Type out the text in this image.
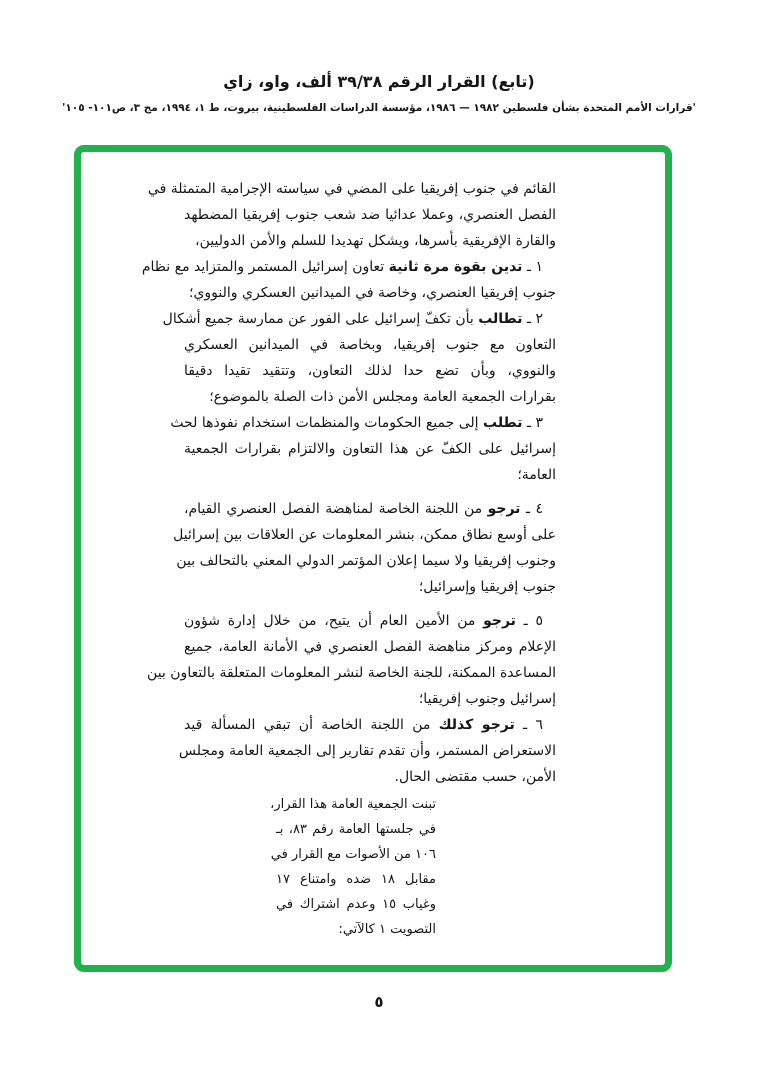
(تابع) القرار الرقم ٣٩/٣٨ ألف، واو، زاي
'قرارات الأمم المتحدة بشأن فلسطين ١٩٨٢ — ١٩٨٦، مؤسسة الدراسات الفلسطينية، بيروت، ط ١، ١٩٩٤، مج ٣، ص١٠١- ١٠٥'

القائم في جنوب إفريقيا على المضي في سياسته الإجرامية المتمثلة في
الفصل العنصري، وعملا عدائيا ضد شعب جنوب إفريقيا المضطهد
والقارة الإفريقية بأسرها، ويشكل تهديدا للسلم والأمن الدوليين،

١ ـ تدين بقوة مرة ثانية تعاون إسرائيل المستمر والمتزايد مع نظام
جنوب إفريقيا العنصري، وخاصة في الميدانين العسكري والنووي؛

٢ ـ تطالب بأن تكفّ إسرائيل على الفور عن ممارسة جميع أشكال
التعاون مع جنوب إفريقيا، وبخاصة في الميدانين العسكري
والنووي، وبأن تضع حدا لذلك التعاون، وتتقيد تقيدا دقيقا
بقرارات الجمعية العامة ومجلس الأمن ذات الصلة بالموضوع؛

٣ ـ تطلب إلى جميع الحكومات والمنظمات استخدام نفوذها لحث
إسرائيل على الكفّ عن هذا التعاون والالتزام بقرارات الجمعية
العامة؛

٤ ـ ترجو من اللجنة الخاصة لمناهضة الفصل العنصري القيام،
على أوسع نطاق ممكن، بنشر المعلومات عن العلاقات بين إسرائيل
وجنوب إفريقيا ولا سيما إعلان المؤتمر الدولي المعني بالتحالف بين
جنوب إفريقيا وإسرائيل؛

٥ ـ ترجو من الأمين العام أن يتيح، من خلال إدارة شؤون
الإعلام ومركز مناهضة الفصل العنصري في الأمانة العامة، جميع
المساعدة الممكنة، للجنة الخاصة لنشر المعلومات المتعلقة بالتعاون بين
إسرائيل وجنوب إفريقيا؛

٦ ـ ترجو كذلك من اللجنة الخاصة أن تبقي المسألة قيد
الاستعراض المستمر، وأن تقدم تقارير إلى الجمعية العامة ومجلس
الأمن، حسب مقتضى الحال.

تبنت الجمعية العامة هذا القرار،
في جلستها العامة رقم ٨٣، بـ
١٠٦ من الأصوات مع القرار في
مقابل ١٨ ضده وامتناع ١٧
وغياب ١٥ وعدم اشتراك في
التصويت ١ كالآتي:
٥
